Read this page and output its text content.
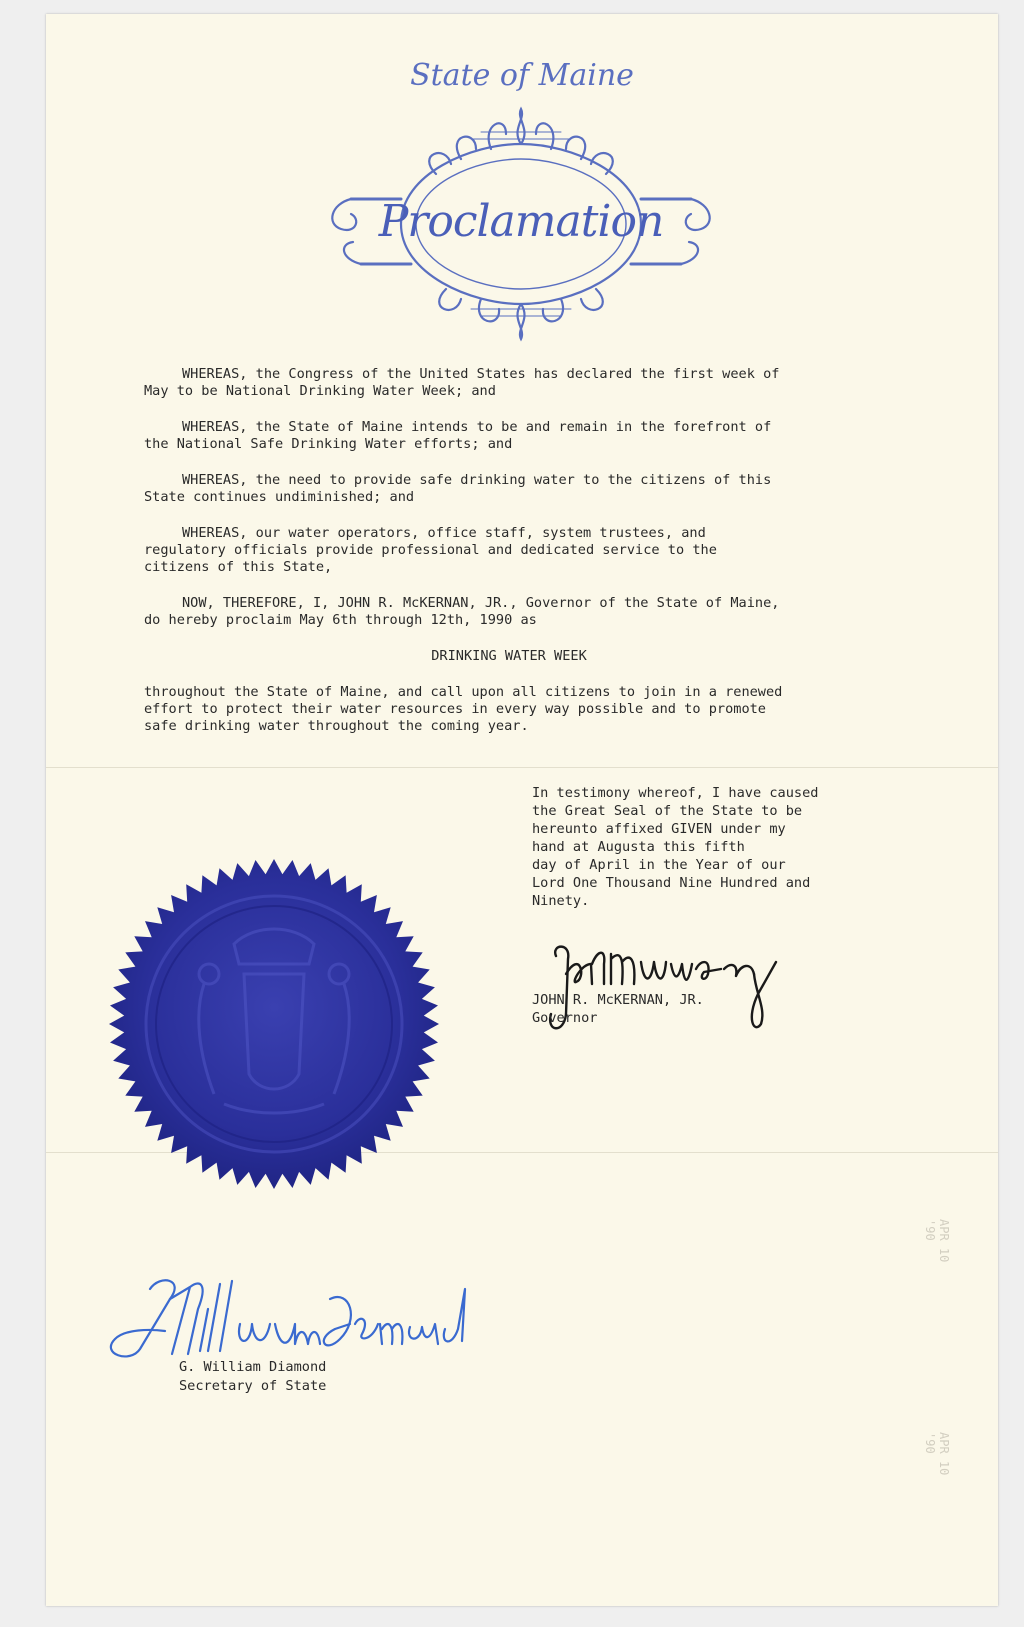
State of Maine
Proclamation

WHEREAS, the Congress of the United States has declared the first week of
May to be National Drinking Water Week; and

WHEREAS, the State of Maine intends to be and remain in the forefront of
the National Safe Drinking Water efforts; and

WHEREAS, the need to provide safe drinking water to the citizens of this
State continues undiminished; and

WHEREAS, our water operators, office staff, system trustees, and
regulatory officials provide professional and dedicated service to the
citizens of this State,

NOW, THEREFORE, I, JOHN R. McKERNAN, JR., Governor of the State of Maine,
do hereby proclaim May 6th through 12th, 1990 as

DRINKING WATER WEEK

throughout the State of Maine, and call upon all citizens to join in a renewed
effort to protect their water resources in every way possible and to promote
safe drinking water throughout the coming year.

In testimony whereof, I have caused
the Great Seal of the State to be
hereunto affixed GIVEN under my
hand at Augusta this fifth
day of April in the Year of our
Lord One Thousand Nine Hundred and
Ninety.
JOHN R. McKERNAN, JR.
Governor
G. William Diamond
Secretary of State
APR 10 '90
APR 10 '90
